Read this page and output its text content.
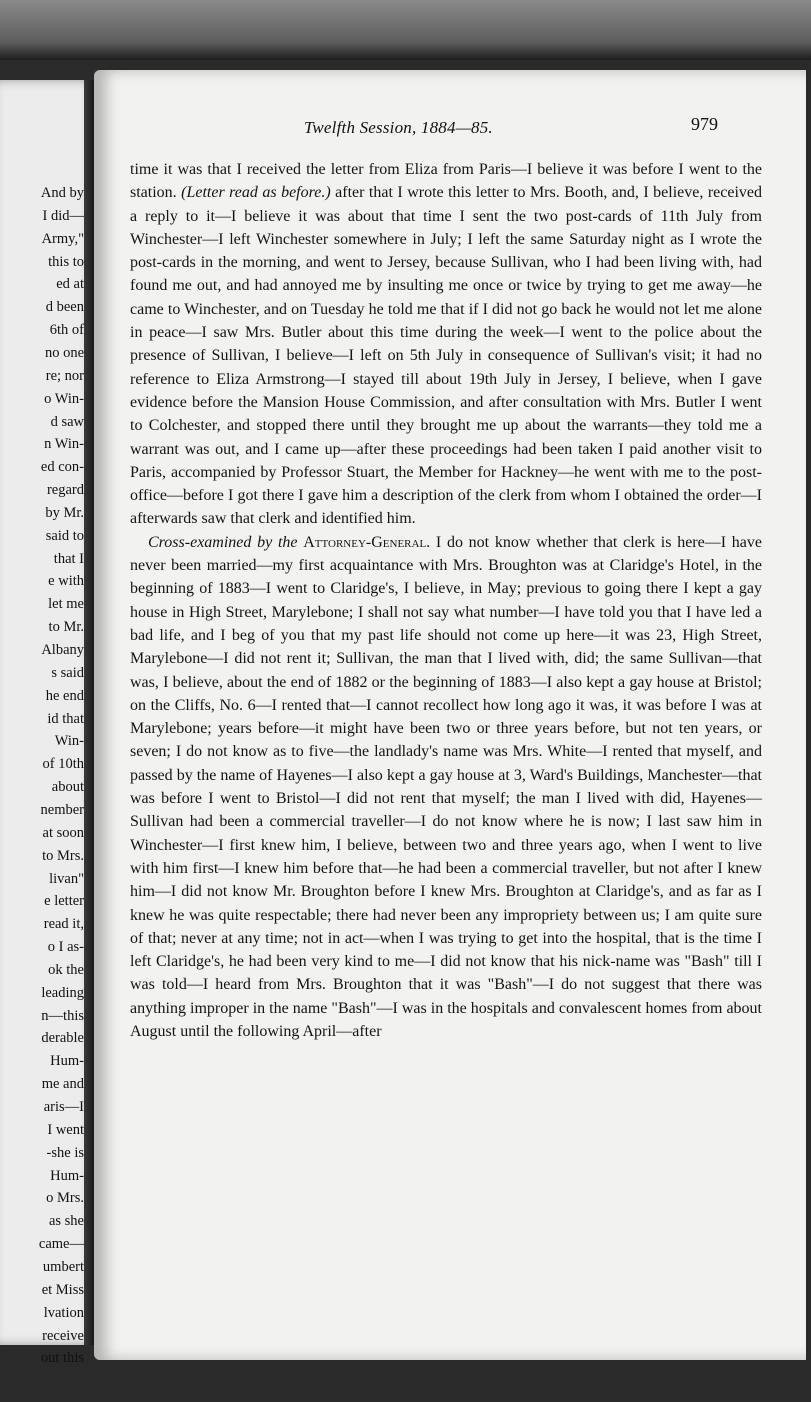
And by
I did—
Army,"
this to
ed at
d been
6th of
no one
re; nor
o Win-
d saw
n Win-
ed con-
regard
by Mr.
said to
that I
e with
let me
to Mr.
Albany
s said
he end
id that
Win-
of 10th
about
nember
at soon
to Mrs.
livan"
e letter
read it,
o I as-
ok the
leading
n—this
derable
Hum-
me and
aris—I
I went
-she is
Hum-
o Mrs.
as she
came—
umbert
et Miss
lvation
receive
out this
Twelfth Session, 1884—85.	979

time it was that I received the letter from Eliza from Paris—I believe it was before I went to the station. (Letter read as before.) after that I wrote this letter to Mrs. Booth, and, I believe, received a reply to it—I believe it was about that time I sent the two post-cards of 11th July from Winchester—I left Winchester somewhere in July; I left the same Saturday night as I wrote the post-cards in the morning, and went to Jersey, because Sullivan, who I had been living with, had found me out, and had annoyed me by insulting me once or twice by trying to get me away—he came to Winchester, and on Tuesday he told me that if I did not go back he would not let me alone in peace—I saw Mrs. Butler about this time during the week—I went to the police about the presence of Sullivan, I believe—I left on 5th July in consequence of Sullivan's visit; it had no reference to Eliza Armstrong—I stayed till about 19th July in Jersey, I believe, when I gave evidence before the Mansion House Commission, and after consultation with Mrs. Butler I went to Colchester, and stopped there until they brought me up about the warrants—they told me a warrant was out, and I came up—after these proceedings had been taken I paid another visit to Paris, accompanied by Professor Stuart, the Member for Hackney—he went with me to the post-office—before I got there I gave him a description of the clerk from whom I obtained the order—I afterwards saw that clerk and identified him.

Cross-examined by the Attorney-General. I do not know whether that clerk is here—I have never been married—my first acquaintance with Mrs. Broughton was at Claridge's Hotel, in the beginning of 1883—I went to Claridge's, I believe, in May; previous to going there I kept a gay house in High Street, Marylebone; I shall not say what number—I have told you that I have led a bad life, and I beg of you that my past life should not come up here—it was 23, High Street, Marylebone—I did not rent it; Sullivan, the man that I lived with, did; the same Sullivan—that was, I believe, about the end of 1882 or the beginning of 1883—I also kept a gay house at Bristol; on the Cliffs, No. 6—I rented that—I cannot recollect how long ago it was, it was before I was at Marylebone; years before—it might have been two or three years before, but not ten years, or seven; I do not know as to five—the landlady's name was Mrs. White—I rented that myself, and passed by the name of Hayenes—I also kept a gay house at 3, Ward's Buildings, Manchester—that was before I went to Bristol—I did not rent that myself; the man I lived with did, Hayenes—Sullivan had been a commercial traveller—I do not know where he is now; I last saw him in Winchester—I first knew him, I believe, between two and three years ago, when I went to live with him first—I knew him before that—he had been a commercial traveller, but not after I knew him—I did not know Mr. Broughton before I knew Mrs. Broughton at Claridge's, and as far as I knew he was quite respectable; there had never been any impropriety between us; I am quite sure of that; never at any time; not in act—when I was trying to get into the hospital, that is the time I left Claridge's, he had been very kind to me—I did not know that his nick-name was "Bash" till I was told—I heard from Mrs. Broughton that it was "Bash"—I do not suggest that there was anything improper in the name "Bash"—I was in the hospitals and convalescent homes from about August until the following April—after
